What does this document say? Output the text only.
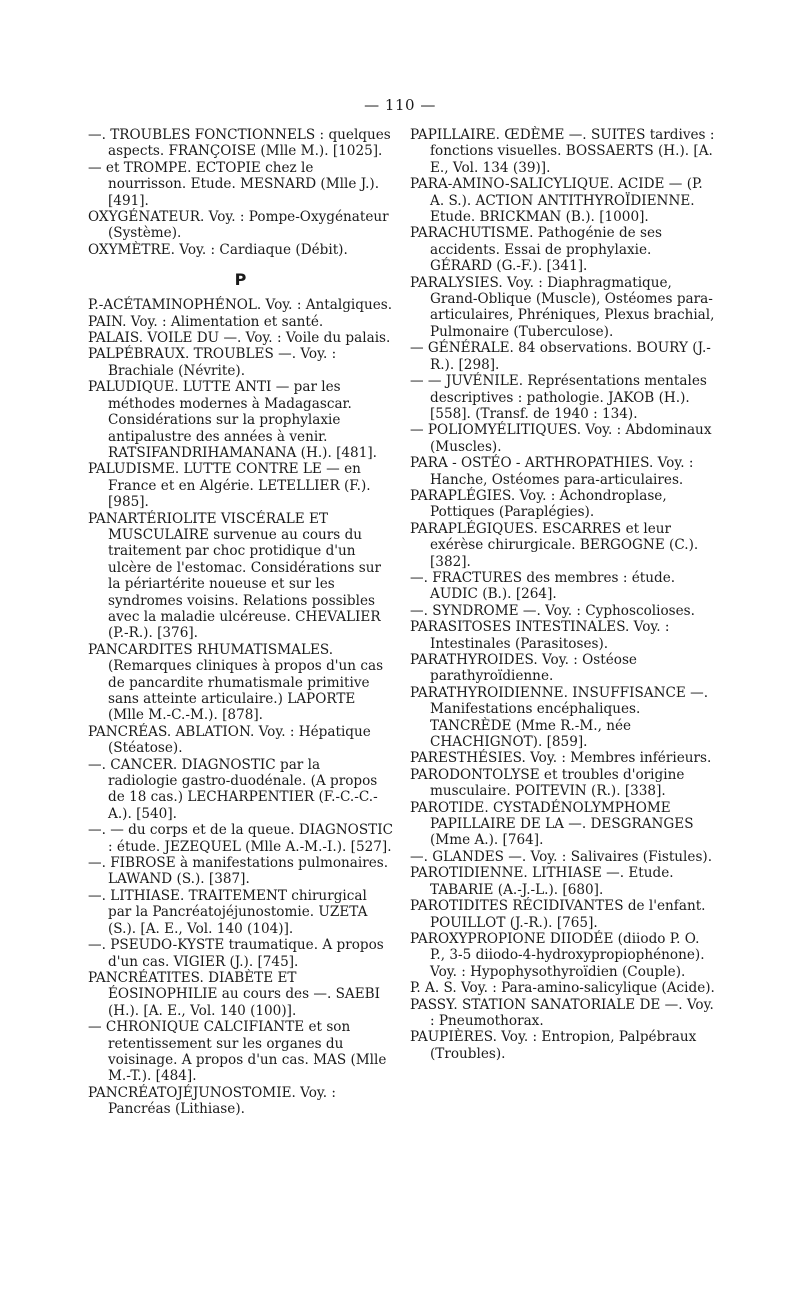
— 110 —

—. TROUBLES FONCTIONNELS : quelques aspects. FRANÇOISE (Mlle M.). [1025].

— et TROMPE. ECTOPIE chez le nourrisson. Etude. MESNARD (Mlle J.). [491].

OXYGÉNATEUR. Voy. : Pompe-Oxygénateur (Système).

OXYMÈTRE. Voy. : Cardiaque (Débit).

P

P.-ACÉTAMINOPHÉNOL. Voy. : Antalgiques.

PAIN. Voy. : Alimentation et santé.

PALAIS. VOILE DU —. Voy. : Voile du palais.

PALPÉBRAUX. TROUBLES —. Voy. : Brachiale (Névrite).

PALUDIQUE. LUTTE ANTI — par les méthodes modernes à Madagascar. Considérations sur la prophylaxie antipalustre des années à venir. RATSIFANDRIHAMANANA (H.). [481].

PALUDISME. LUTTE CONTRE LE — en France et en Algérie. LETELLIER (F.). [985].

PANARTÉRIOLITE VISCÉRALE ET MUSCULAIRE survenue au cours du traitement par choc protidique d'un ulcère de l'estomac. Considérations sur la périartérite noueuse et sur les syndromes voisins. Relations possibles avec la maladie ulcéreuse. CHEVALIER (P.-R.). [376].

PANCARDITES RHUMATISMALES. (Remarques cliniques à propos d'un cas de pancardite rhumatismale primitive sans atteinte articulaire.) LAPORTE (Mlle M.-C.-M.). [878].

PANCRÉAS. ABLATION. Voy. : Hépatique (Stéatose).

—. CANCER. DIAGNOSTIC par la radiologie gastro-duodénale. (A propos de 18 cas.) LECHARPENTIER (F.-C.-C.-A.). [540].

—. — du corps et de la queue. DIAGNOSTIC : étude. JEZEQUEL (Mlle A.-M.-I.). [527].

—. FIBROSE à manifestations pulmonaires. LAWAND (S.). [387].

—. LITHIASE. TRAITEMENT chirurgical par la Pancréatojéjunostomie. UZETA (S.). [A. E., Vol. 140 (104)].

—. PSEUDO-KYSTE traumatique. A propos d'un cas. VIGIER (J.). [745].

PANCRÉATITES. DIABÈTE ET ÉOSINOPHILIE au cours des —. SAEBI (H.). [A. E., Vol. 140 (100)].

— CHRONIQUE CALCIFIANTE et son retentissement sur les organes du voisinage. A propos d'un cas. MAS (Mlle M.-T.). [484].

PANCRÉATOJÉJUNOSTOMIE. Voy. : Pancréas (Lithiase).

PAPILLAIRE. ŒDÈME —. SUITES tardives : fonctions visuelles. BOSSAERTS (H.). [A. E., Vol. 134 (39)].

PARA-AMINO-SALICYLIQUE. ACIDE — (P. A. S.). ACTION ANTITHYROÏDIENNE. Etude. BRICKMAN (B.). [1000].

PARACHUTISME. Pathogénie de ses accidents. Essai de prophylaxie. GÉRARD (G.-F.). [341].

PARALYSIES. Voy. : Diaphragmatique, Grand-Oblique (Muscle), Ostéomes para-articulaires, Phréniques, Plexus brachial, Pulmonaire (Tuberculose).

— GÉNÉRALE. 84 observations. BOURY (J.-R.). [298].

— — JUVÉNILE. Représentations mentales descriptives : pathologie. JAKOB (H.). [558]. (Transf. de 1940 : 134).

— POLIOMYÉLITIQUES. Voy. : Abdominaux (Muscles).

PARA - OSTÉO - ARTHROPATHIES. Voy. : Hanche, Ostéomes para-articulaires.

PARAPLÉGIES. Voy. : Achondroplase, Pottiques (Paraplégies).

PARAPLÉGIQUES. ESCARRES et leur exérèse chirurgicale. BERGOGNE (C.). [382].

—. FRACTURES des membres : étude. AUDIC (B.). [264].

—. SYNDROME —. Voy. : Cyphoscolioses.

PARASITOSES INTESTINALES. Voy. : Intestinales (Parasitoses).

PARATHYROIDES. Voy. : Ostéose parathyroïdienne.

PARATHYROIDIENNE. INSUFFISANCE —. Manifestations encéphaliques. TANCRÈDE (Mme R.-M., née CHACHIGNOT). [859].

PARESTHÉSIES. Voy. : Membres inférieurs.

PARODONTOLYSE et troubles d'origine musculaire. POITEVIN (R.). [338].

PAROTIDE. CYSTADÉNOLYMPHOME PAPILLAIRE DE LA —. DESGRANGES (Mme A.). [764].

—. GLANDES —. Voy. : Salivaires (Fistules).

PAROTIDIENNE. LITHIASE —. Etude. TABARIE (A.-J.-L.). [680].

PAROTIDITES RÉCIDIVANTES de l'enfant. POUILLOT (J.-R.). [765].

PAROXYPROPIONE DIIODÉE (diiodo P. O. P., 3-5 diiodo-4-hydroxypropiophénone). Voy. : Hypophysothyroïdien (Couple).

P. A. S. Voy. : Para-amino-salicylique (Acide).

PASSY. STATION SANATORIALE DE —. Voy. : Pneumothorax.

PAUPIÈRES. Voy. : Entropion, Palpébraux (Troubles).
